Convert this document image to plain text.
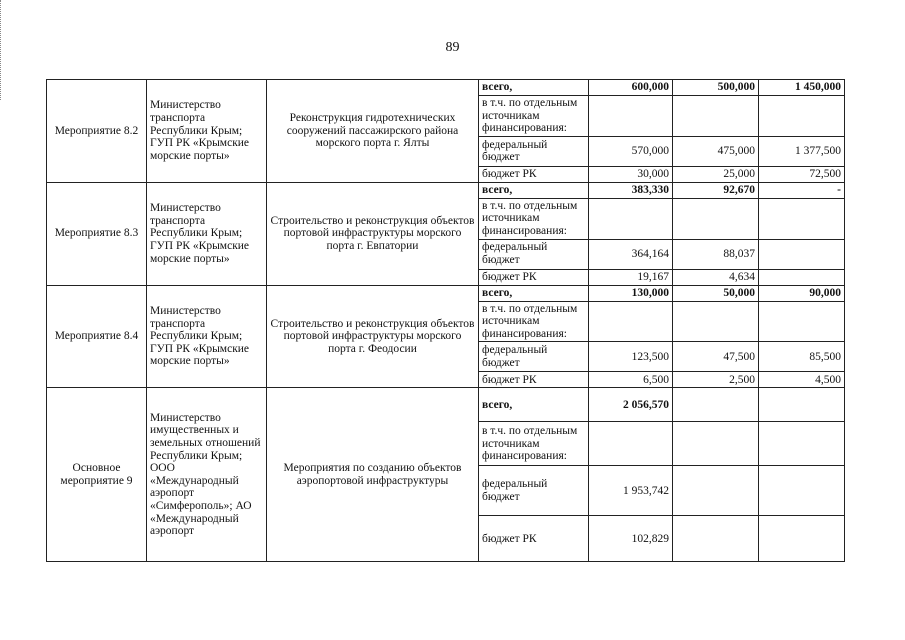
89
Мероприятие 8.2	Министерство транспорта Республики Крым; ГУП РК «Крымские морские порты»	Реконструкция гидротехнических сооружений пассажирского района морского порта г. Ялты	всего,	600,000	500,000	1 450,000
			в т.ч. по отдельным источникам финансирования:			
			федеральный бюджет	570,000	475,000	1 377,500
			бюджет РК	30,000	25,000	72,500
Мероприятие 8.3	Министерство транспорта Республики Крым; ГУП РК «Крымские морские порты»	Строительство и реконструкция объектов портовой инфраструктуры морского порта г. Евпатории	всего,	383,330	92,670	-
			в т.ч. по отдельным источникам финансирования:			
			федеральный бюджет	364,164	88,037	
			бюджет РК	19,167	4,634	
Мероприятие 8.4	Министерство транспорта Республики Крым; ГУП РК «Крымские морские порты»	Строительство и реконструкция объектов портовой инфраструктуры морского порта г. Феодосии	всего,	130,000	50,000	90,000
			в т.ч. по отдельным источникам финансирования:			
			федеральный бюджет	123,500	47,500	85,500
			бюджет РК	6,500	2,500	4,500
Основное мероприятие 9	Министерство имущественных и земельных отношений Республики Крым; ООО «Международный аэропорт «Симферополь»; АО «Международный аэропорт	Мероприятия по созданию объектов аэропортовой инфраструктуры	всего,	2 056,570		
			в т.ч. по отдельным источникам финансирования:			
			федеральный бюджет	1 953,742		
			бюджет РК	102,829		
